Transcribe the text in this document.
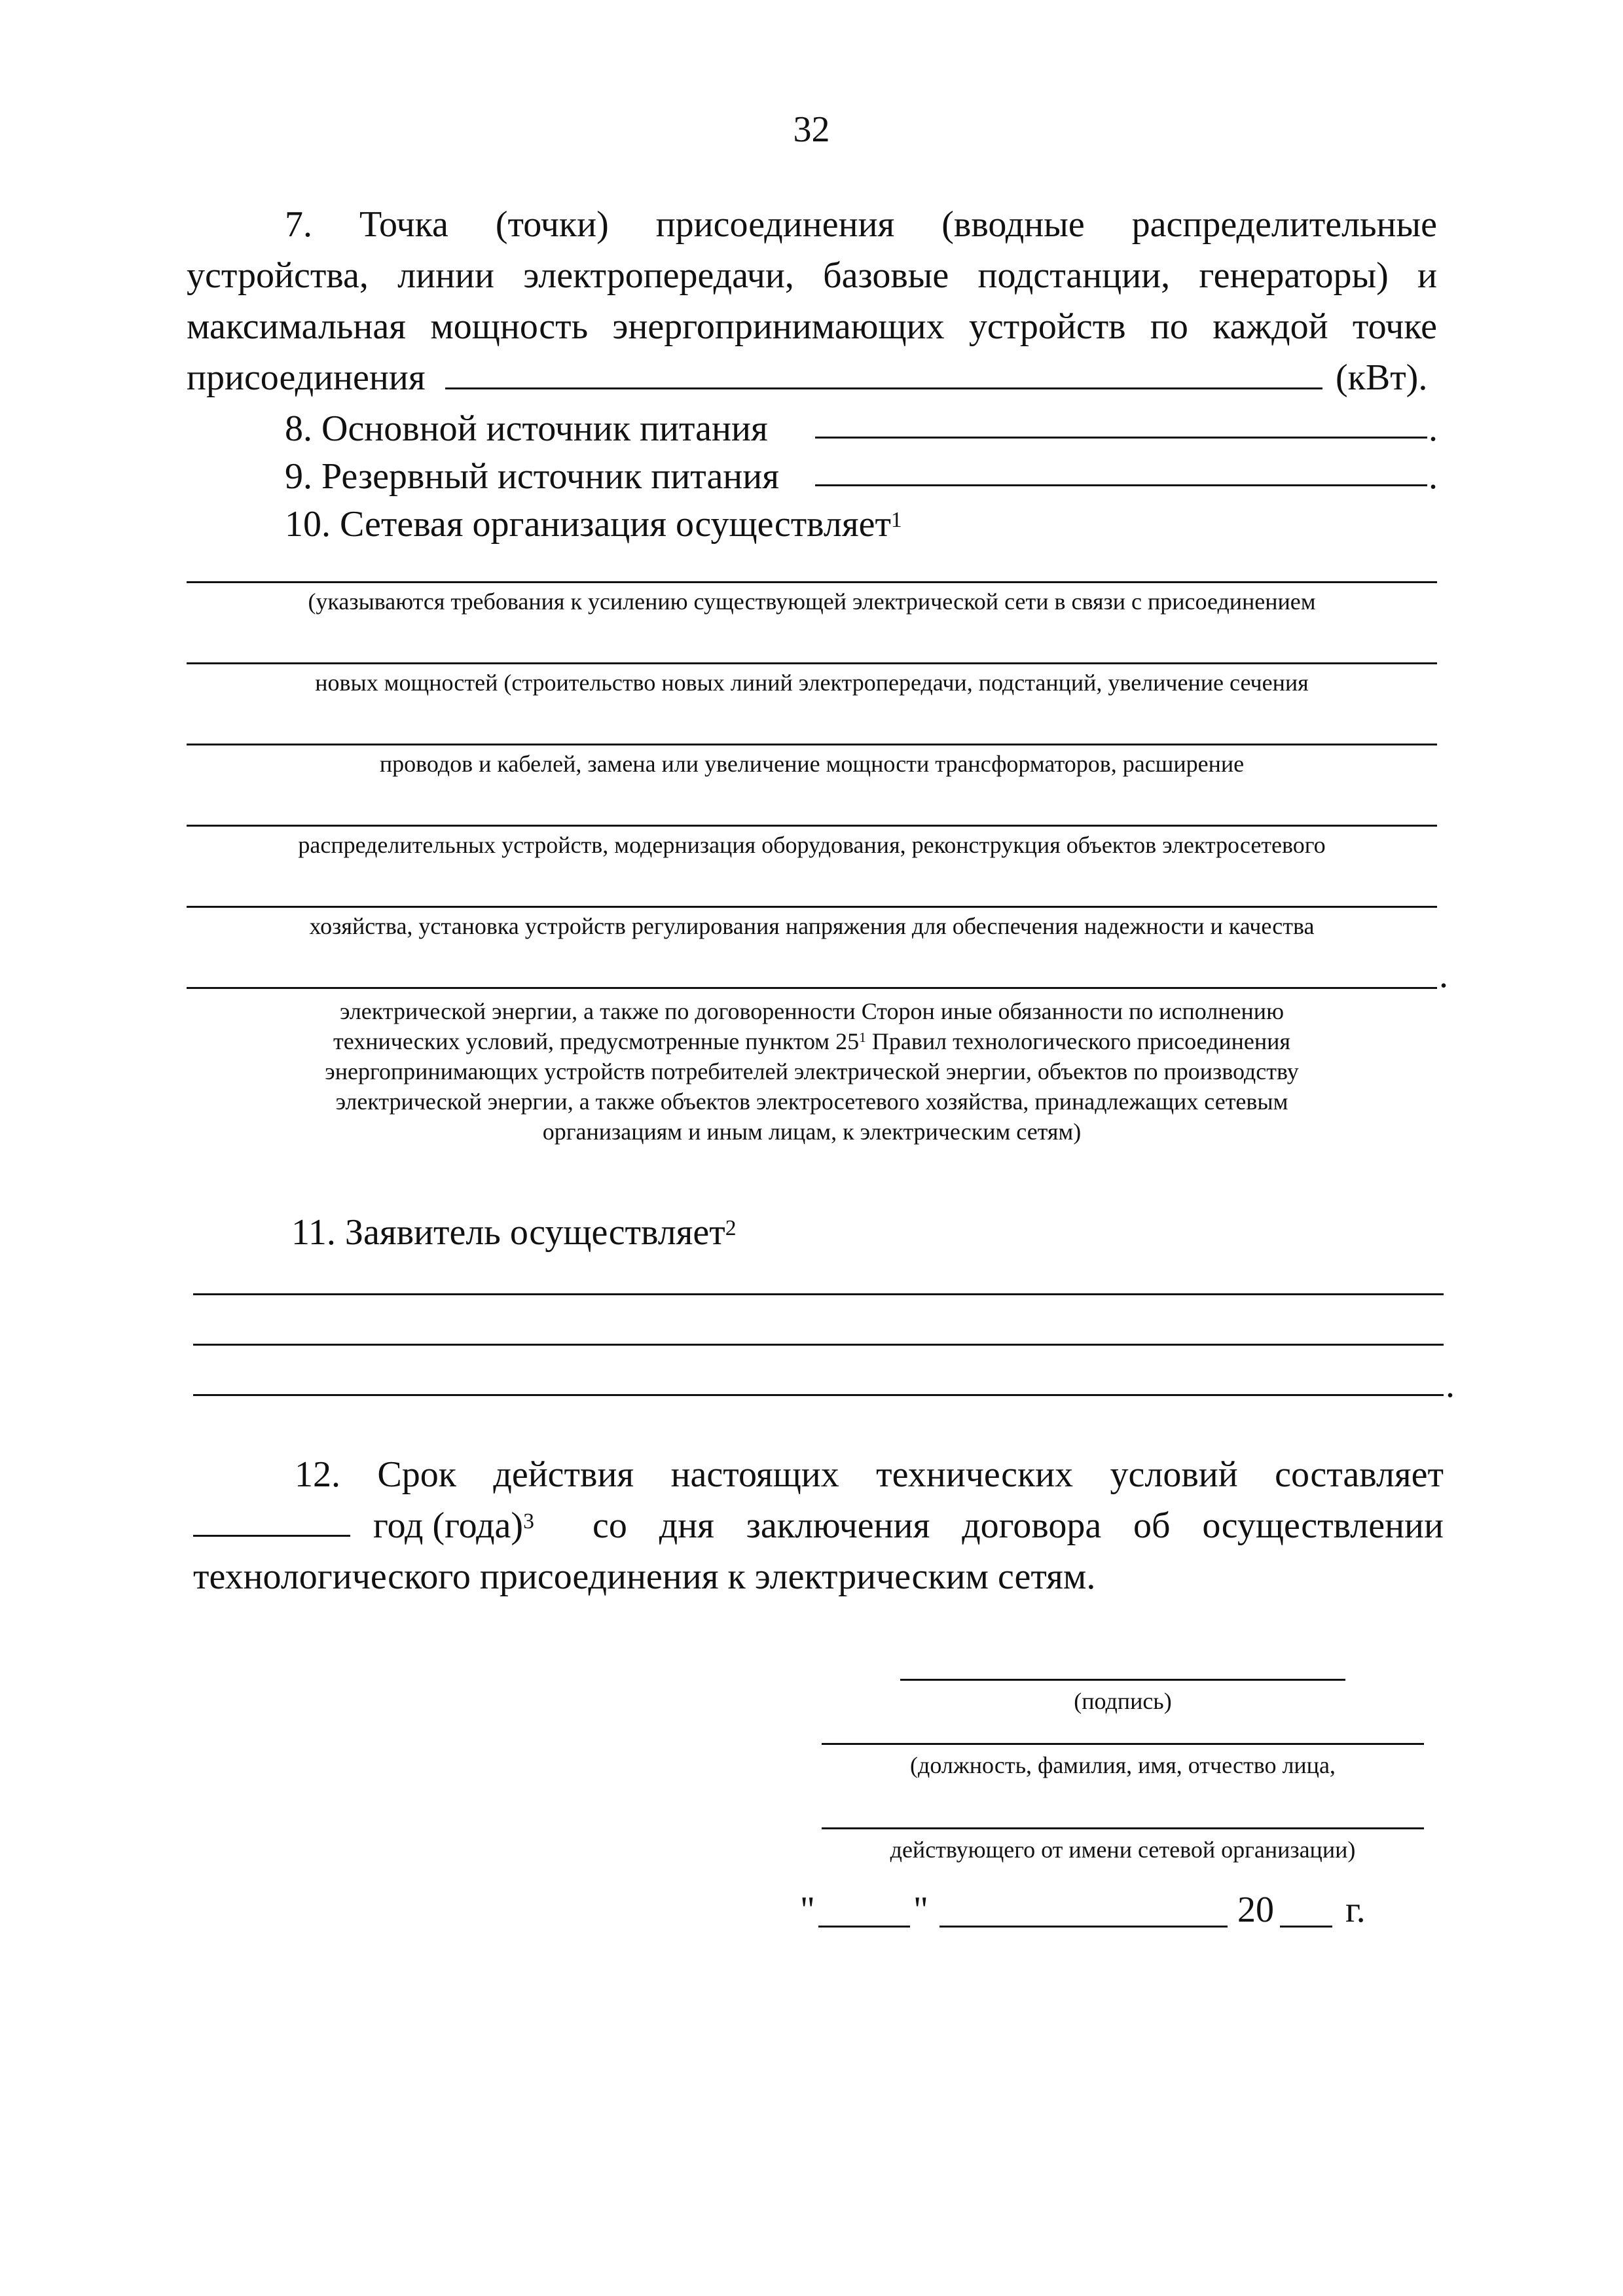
32
7. Точка (точки) присоединения (вводные распределительные
устройства, линии электропередачи, базовые подстанции, генераторы) и
максимальная мощность энергопринимающих устройств по каждой точке
присоединения	(кВт).
8. Основной источник питания	.
9. Резервный источник питания	.
10. Сетевая организация осуществляет$^1$
(указываются требования к усилению существующей электрической сети в связи с присоединением
новых мощностей (строительство новых линий электропередачи, подстанций, увеличение сечения
проводов и кабелей, замена или увеличение мощности трансформаторов, расширение
распределительных устройств, модернизация оборудования, реконструкция объектов электросетевого
хозяйства, установка устройств регулирования напряжения для обеспечения надежности и качества
.
электрической энергии, а также по договоренности Сторон иные обязанности по исполнению
технических условий, предусмотренные пунктом $25^1$ Правил технологического присоединения
энергопринимающих устройств потребителей электрической энергии, объектов по производству
электрической энергии, а также объектов электросетевого хозяйства, принадлежащих сетевым
организациям и иным лицам, к электрическим сетям)
11. Заявитель осуществляет$^2$
.
12. Срок действия настоящих технических условий составляет
год (года)$^3$ со дня заключения договора об осуществлении
технологического присоединения к электрическим сетям.
(подпись)
(должность, фамилия, имя, отчество лица,
действующего от имени сетевой организации)
"	"	20 г.
